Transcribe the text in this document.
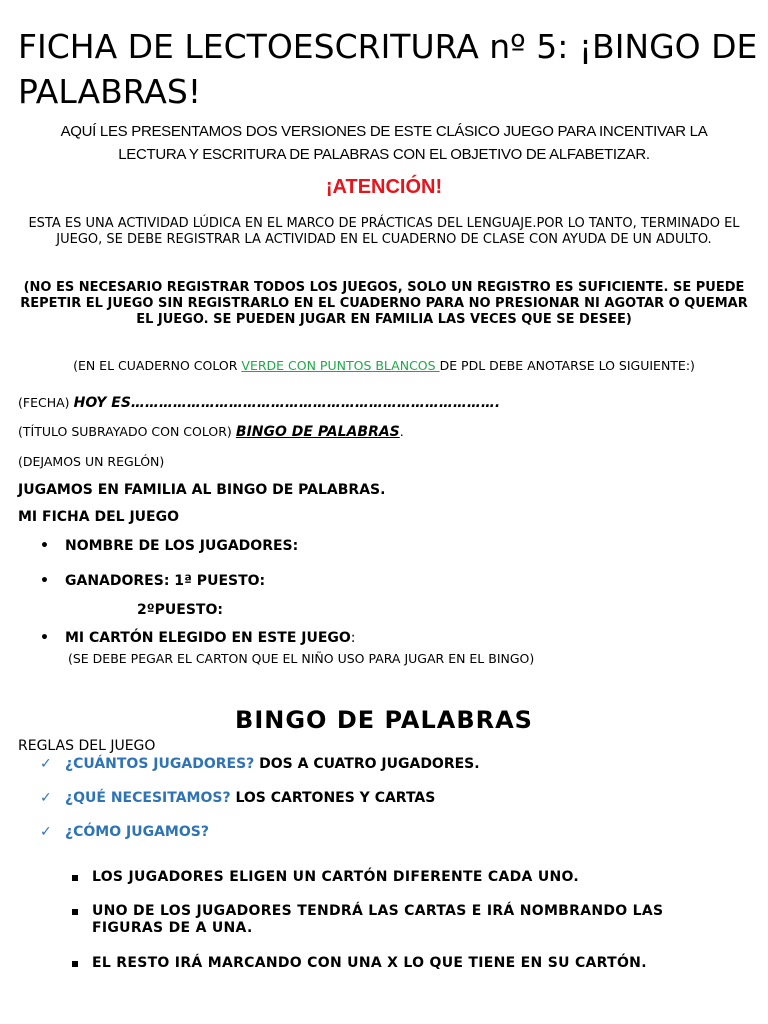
FICHA DE LECTOESCRITURA nº 5: ¡BINGO DE PALABRAS!
AQUÍ LES PRESENTAMOS DOS VERSIONES DE ESTE CLÁSICO JUEGO PARA INCENTIVAR LA LECTURA Y ESCRITURA DE PALABRAS CON EL OBJETIVO DE ALFABETIZAR.
¡ATENCIÓN!
ESTA ES UNA ACTIVIDAD LÚDICA EN EL MARCO DE PRÁCTICAS DEL LENGUAJE.POR LO TANTO, TERMINADO EL JUEGO, SE DEBE REGISTRAR LA ACTIVIDAD EN EL CUADERNO DE CLASE CON AYUDA DE UN ADULTO.
(NO ES NECESARIO REGISTRAR TODOS LOS JUEGOS, SOLO UN REGISTRO ES SUFICIENTE. SE PUEDE REPETIR EL JUEGO SIN REGISTRARLO EN EL CUADERNO PARA NO PRESIONAR NI AGOTAR O QUEMAR EL JUEGO. SE PUEDEN JUGAR EN FAMILIA LAS VECES QUE SE DESEE)
(EN EL CUADERNO COLOR VERDE CON PUNTOS BLANCOS DE PDL DEBE ANOTARSE LO SIGUIENTE:)
(FECHA) HOY ES…………………………………………………………………….
(TÍTULO SUBRAYADO CON COLOR) BINGO DE PALABRAS.
(DEJAMOS UN REGLÓN)
JUGAMOS EN FAMILIA AL BINGO DE PALABRAS.
MI FICHA DEL JUEGO
• NOMBRE DE LOS JUGADORES:
• GANADORES: 1ª PUESTO:
2ºPUESTO:
• MI CARTÓN ELEGIDO EN ESTE JUEGO:
(SE DEBE PEGAR EL CARTON QUE EL NIÑO USO PARA JUGAR EN EL BINGO)
BINGO DE PALABRAS
REGLAS DEL JUEGO
✓ ¿CUÁNTOS JUGADORES? DOS A CUATRO JUGADORES.
✓ ¿QUÉ NECESITAMOS? LOS CARTONES Y CARTAS
✓ ¿CÓMO JUGAMOS?
LOS JUGADORES ELIGEN UN CARTÓN DIFERENTE CADA UNO.
UNO DE LOS JUGADORES TENDRÁ LAS CARTAS E IRÁ NOMBRANDO LAS FIGURAS DE A UNA.
EL RESTO IRÁ MARCANDO CON UNA X LO QUE TIENE EN SU CARTÓN.
